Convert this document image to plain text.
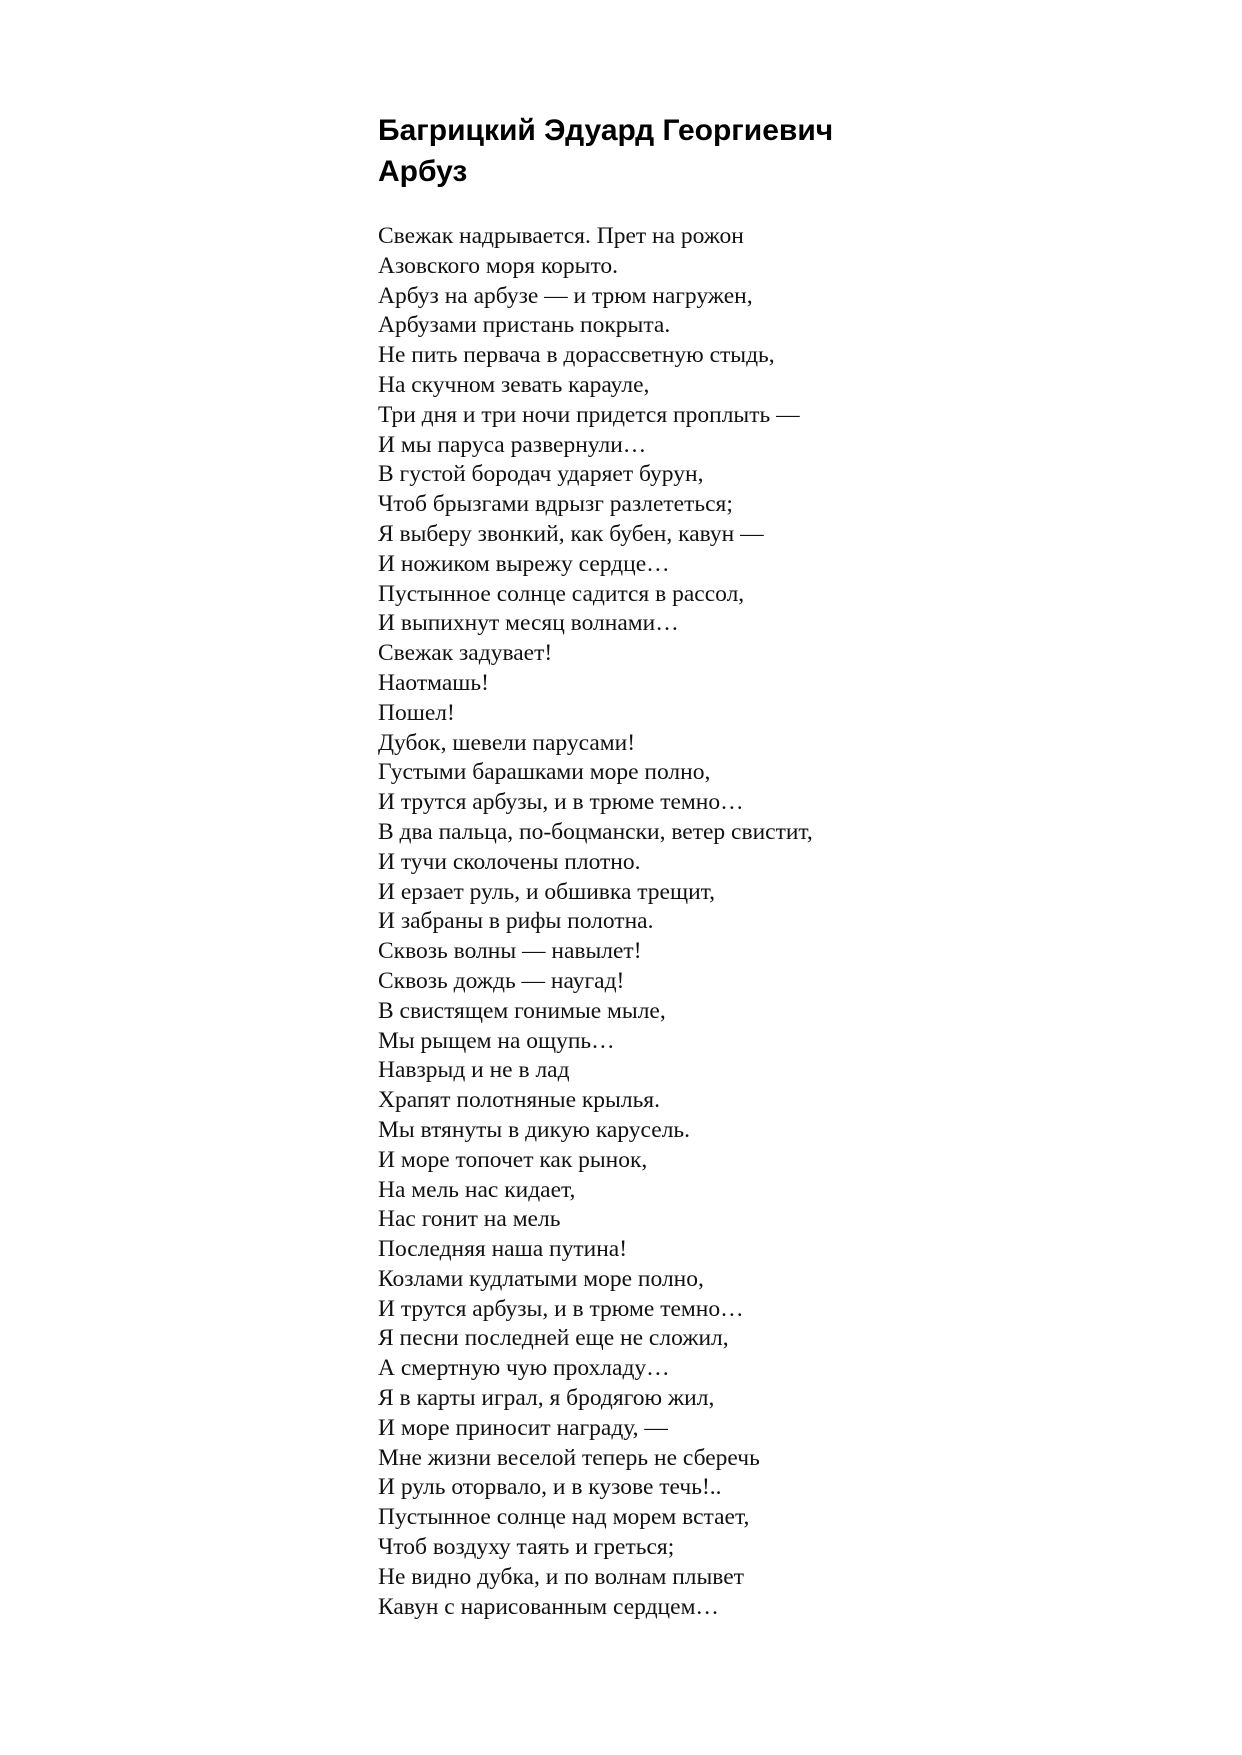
Багрицкий Эдуард Георгиевич
Арбуз
Свежак надрывается. Прет на рожон
Азовского моря корыто.
Арбуз на арбузе — и трюм нагружен,
Арбузами пристань покрыта.
Не пить первача в дорассветную стыдь,
На скучном зевать карауле,
Три дня и три ночи придется проплыть —
И мы паруса развернули…
В густой бородач ударяет бурун,
Чтоб брызгами вдрызг разлететься;
Я выберу звонкий, как бубен, кавун —
И ножиком вырежу сердце…
Пустынное солнце садится в рассол,
И выпихнут месяц волнами…
Свежак задувает!
Наотмашь!
Пошел!
Дубок, шевели парусами!
Густыми барашками море полно,
И трутся арбузы, и в трюме темно…
В два пальца, по-боцмански, ветер свистит,
И тучи сколочены плотно.
И ерзает руль, и обшивка трещит,
И забраны в рифы полотна.
Сквозь волны — навылет!
Сквозь дождь — наугад!
В свистящем гонимые мыле,
Мы рыщем на ощупь…
Навзрыд и не в лад
Храпят полотняные крылья.
Мы втянуты в дикую карусель.
И море топочет как рынок,
На мель нас кидает,
Нас гонит на мель
Последняя наша путина!
Козлами кудлатыми море полно,
И трутся арбузы, и в трюме темно…
Я песни последней еще не сложил,
А смертную чую прохладу…
Я в карты играл, я бродягою жил,
И море приносит награду, —
Мне жизни веселой теперь не сберечь
И руль оторвало, и в кузове течь!..
Пустынное солнце над морем встает,
Чтоб воздуху таять и греться;
Не видно дубка, и по волнам плывет
Кавун с нарисованным сердцем…
